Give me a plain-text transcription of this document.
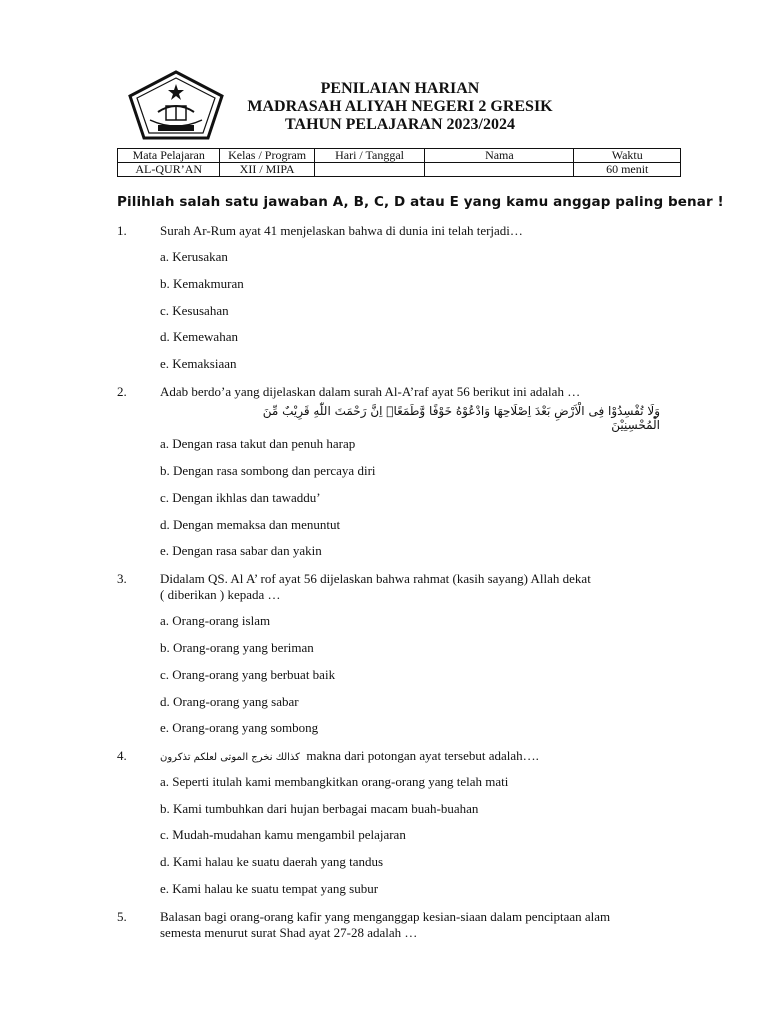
PENILAIAN HARIAN
MADRASAH ALIYAH NEGERI 2 GRESIK
TAHUN PELAJARAN 2023/2024
Mata Pelajaran	Kelas / Program	Hari / Tanggal	Nama	Waktu
AL-QUR’AN	XII / MIPA			60 menit
Pilihlah salah satu jawaban A, B, C, D atau E yang kamu anggap paling benar !
1.	Surah Ar-Rum ayat 41 menjelaskan bahwa di dunia ini telah terjadi…
a. Kerusakan
b. Kemakmuran
c. Kesusahan
d. Kemewahan
e. Kemaksiaan
2.	Adab berdo’a yang dijelaskan dalam surah Al-A’raf ayat 56 berikut ini adalah …
وَلَا تُفْسِدُوْا فِى الْاَرْضِ بَعْدَ اِصْلَاحِهَا وَادْعُوْهُ خَوْفًا وَّطَمَعًاۗ اِنَّ رَحْمَتَ اللّٰهِ قَرِيْبٌ مِّنَ الْمُحْسِنِيْنَ
a. Dengan rasa takut dan penuh harap
b. Dengan rasa sombong dan percaya diri
c. Dengan ikhlas dan tawaddu’
d. Dengan memaksa dan menuntut
e. Dengan rasa sabar dan yakin
3.	Didalam QS. Al A’ rof ayat 56 dijelaskan bahwa rahmat (kasih sayang) Allah dekat
( diberikan ) kepada …
a. Orang-orang islam
b. Orang-orang yang beriman
c. Orang-orang yang berbuat baik
d. Orang-orang yang sabar
e. Orang-orang yang sombong
4.	كذالك نخرج الموتى لعلكم تذكرون makna dari potongan ayat tersebut adalah….
a. Seperti itulah kami membangkitkan orang-orang yang telah mati
b. Kami tumbuhkan dari hujan berbagai macam buah-buahan
c. Mudah-mudahan kamu mengambil pelajaran
d. Kami halau ke suatu daerah yang tandus
e. Kami halau ke suatu tempat yang subur
5.	Balasan bagi orang-orang kafir yang menganggap kesian-siaan dalam penciptaan alam
semesta menurut surat Shad ayat 27-28 adalah …
